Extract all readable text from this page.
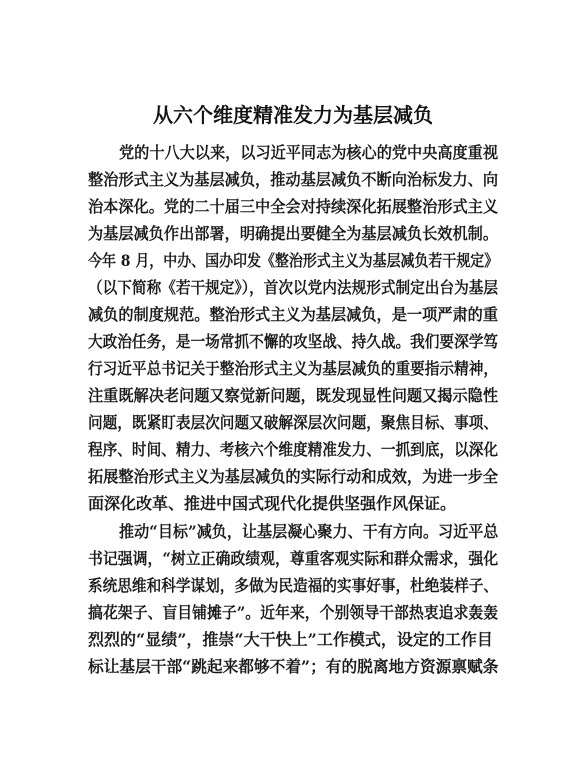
从六个维度精准发力为基层减负
党的十八大以来，以习近平同志为核心的党中央高度重视
整治形式主义为基层减负，推动基层减负不断向治标发力、向
治本深化。党的二十届三中全会对持续深化拓展整治形式主义
为基层减负作出部署，明确提出要健全为基层减负长效机制。
今年 8 月，中办、国办印发《整治形式主义为基层减负若干规定》
（以下简称《若干规定》），首次以党内法规形式制定出台为基层
减负的制度规范。整治形式主义为基层减负，是一项严肃的重
大政治任务，是一场常抓不懈的攻坚战、持久战。我们要深学笃
行习近平总书记关于整治形式主义为基层减负的重要指示精神，
注重既解决老问题又察觉新问题，既发现显性问题又揭示隐性
问题，既紧盯表层次问题又破解深层次问题，聚焦目标、事项、
程序、时间、精力、考核六个维度精准发力、一抓到底，以深化
拓展整治形式主义为基层减负的实际行动和成效，为进一步全
面深化改革、推进中国式现代化提供坚强作风保证。
推动“目标”减负，让基层凝心聚力、干有方向。习近平总
书记强调，“树立正确政绩观，尊重客观实际和群众需求，强化
系统思维和科学谋划，多做为民造福的实事好事，杜绝装样子、
搞花架子、盲目铺摊子”。近年来，个别领导干部热衷追求轰轰
烈烈的“显绩”，推崇“大干快上”工作模式，设定的工作目
标让基层干部“跳起来都够不着”；有的脱离地方资源禀赋条
